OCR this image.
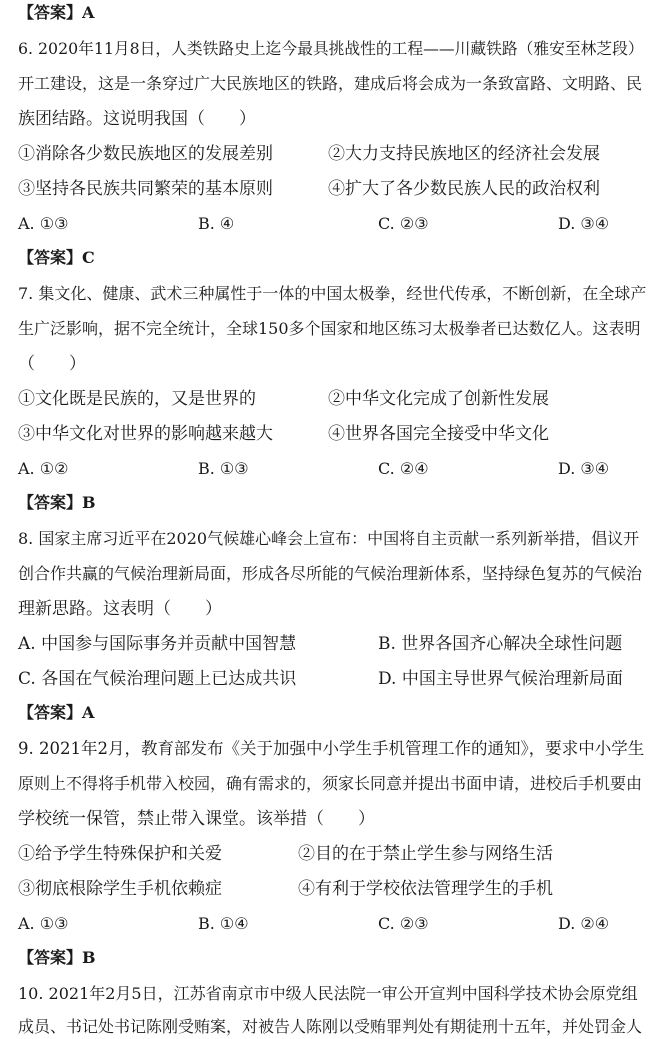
【答案】A
6. 2020年11月8日，人类铁路史上迄今最具挑战性的工程——川藏铁路（雅安至林芝段）
开工建设，这是一条穿过广大民族地区的铁路，建成后将会成为一条致富路、文明路、民
族团结路。这说明我国（　　）
①消除各少数民族地区的发展差别	②大力支持民族地区的经济社会发展
③坚持各民族共同繁荣的基本原则	④扩大了各少数民族人民的政治权利
A. ①③	B. ④	C. ②③	D. ③④
【答案】C
7. 集文化、健康、武术三种属性于一体的中国太极拳，经世代传承，不断创新，在全球产
生广泛影响，据不完全统计，全球150多个国家和地区练习太极拳者已达数亿人。这表明
（　　）
①文化既是民族的，又是世界的	②中华文化完成了创新性发展
③中华文化对世界的影响越来越大	④世界各国完全接受中华文化
A. ①②	B. ①③	C. ②④	D. ③④
【答案】B
8. 国家主席习近平在2020气候雄心峰会上宣布：中国将自主贡献一系列新举措，倡议开
创合作共赢的气候治理新局面，形成各尽所能的气候治理新体系，坚持绿色复苏的气候治
理新思路。这表明（　　）
A. 中国参与国际事务并贡献中国智慧	B. 世界各国齐心解决全球性问题
C. 各国在气候治理问题上已达成共识	D. 中国主导世界气候治理新局面
【答案】A
9. 2021年2月，教育部发布《关于加强中小学生手机管理工作的通知》，要求中小学生
原则上不得将手机带入校园，确有需求的，须家长同意并提出书面申请，进校后手机要由
学校统一保管，禁止带入课堂。该举措（　　）
①给予学生特殊保护和关爱	②目的在于禁止学生参与网络生活
③彻底根除学生手机依赖症	④有利于学校依法管理学生的手机
A. ①③	B. ①④	C. ②③	D. ②④
【答案】B
10. 2021年2月5日，江苏省南京市中级人民法院一审公开宣判中国科学技术协会原党组
成员、书记处书记陈刚受贿案，对被告人陈刚以受贿罪判处有期徒刑十五年，并处罚金人
